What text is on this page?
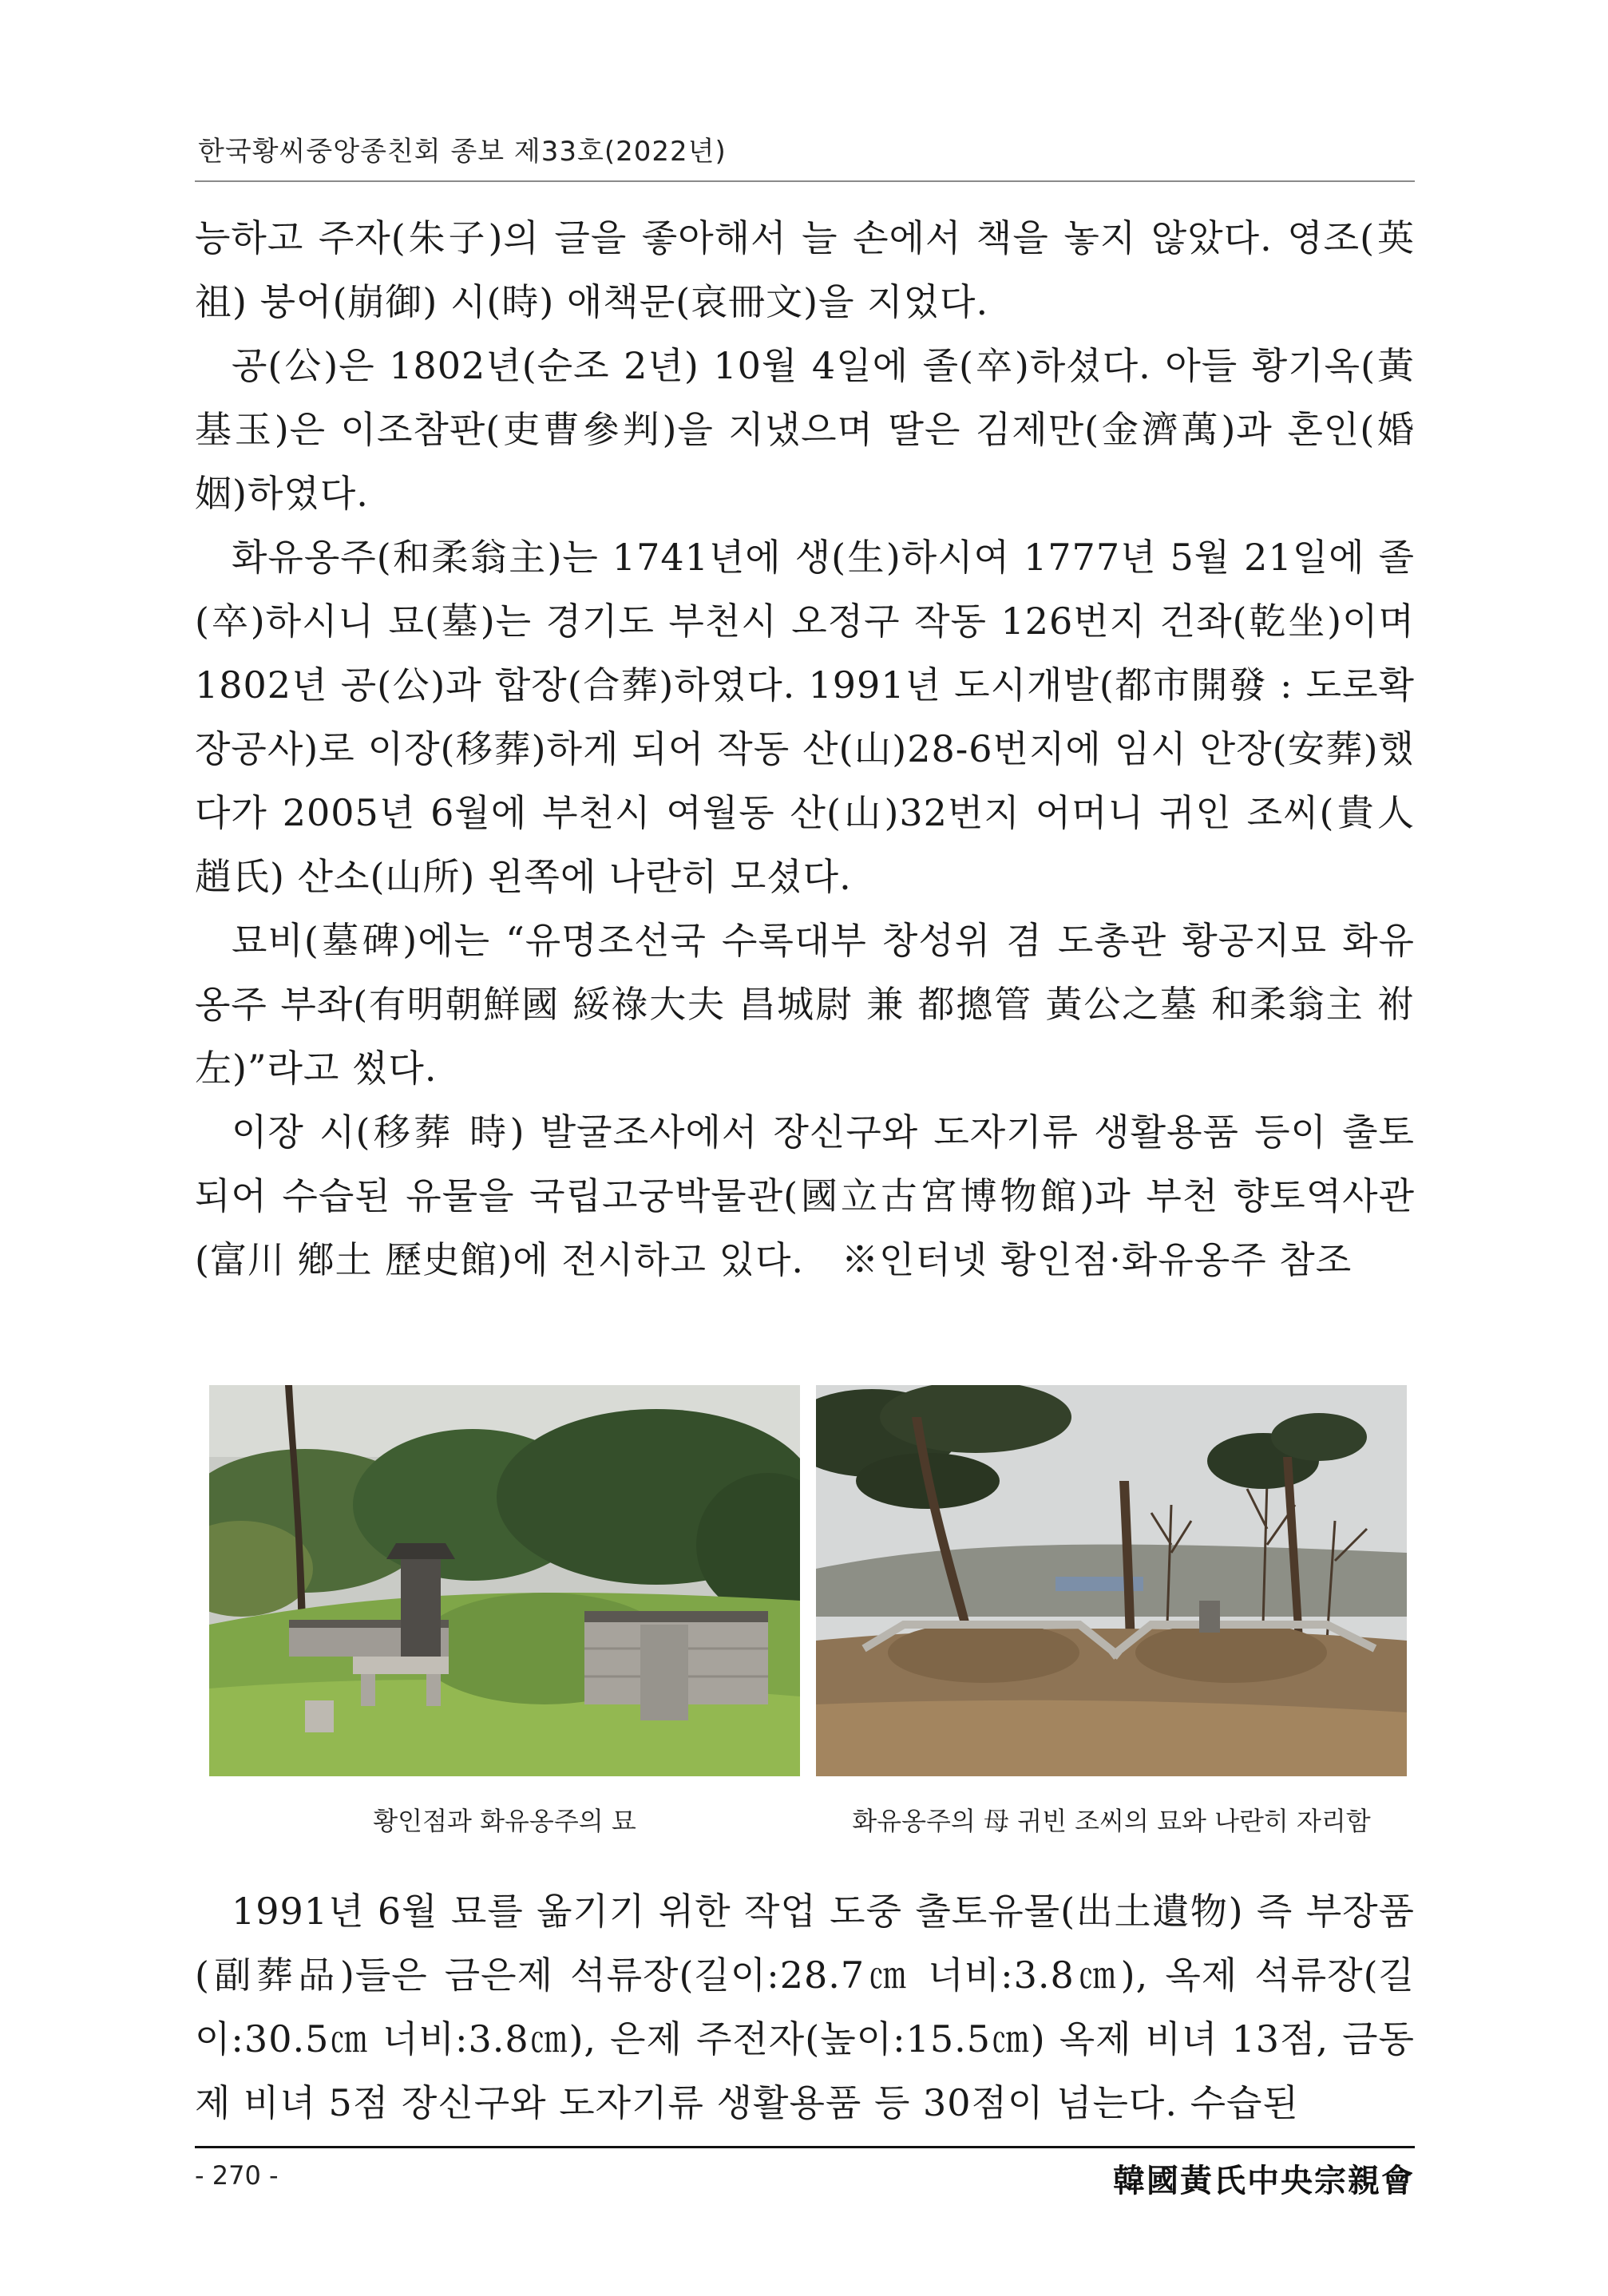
한국황씨중앙종친회 종보 제33호(2022년)

능하고 주자(朱子)의 글을 좋아해서 늘 손에서 책을 놓지 않았다. 영조(英祖) 붕어(崩御) 시(時) 애책문(哀冊文)을 지었다.

공(公)은 1802년(순조 2년) 10월 4일에 졸(卒)하셨다. 아들 황기옥(黃基玉)은 이조참판(吏曹參判)을 지냈으며 딸은 김제만(金濟萬)과 혼인(婚姻)하였다.

화유옹주(和柔翁主)는 1741년에 생(生)하시여 1777년 5월 21일에 졸(卒)하시니 묘(墓)는 경기도 부천시 오정구 작동 126번지 건좌(乾坐)이며 1802년 공(公)과 합장(合葬)하였다. 1991년 도시개발(都市開發 : 도로확장공사)로 이장(移葬)하게 되어 작동 산(山)28-6번지에 임시 안장(安葬)했다가 2005년 6월에 부천시 여월동 산(山)32번지 어머니 귀인 조씨(貴人 趙氏) 산소(山所) 왼쪽에 나란히 모셨다.

묘비(墓碑)에는 “유명조선국 수록대부 창성위 겸 도총관 황공지묘 화유옹주 부좌(有明朝鮮國 綏祿大夫 昌城尉 兼 都摠管 黃公之墓 和柔翁主 祔左)”라고 썼다.

이장 시(移葬 時) 발굴조사에서 장신구와 도자기류 생활용품 등이 출토되어 수습된 유물을 국립고궁박물관(國立古宮博物館)과 부천 향토역사관(富川 鄕土 歷史館)에 전시하고 있다.　※인터넷 황인점·화유옹주 참조

황인점과 화유옹주의 묘	화유옹주의 母 귀빈 조씨의 묘와 나란히 자리함

1991년 6월 묘를 옮기기 위한 작업 도중 출토유물(出土遺物) 즉 부장품(副葬品)들은 금은제 석류장(길이:28.7㎝ 너비:3.8㎝), 옥제 석류장(길이:30.5㎝ 너비:3.8㎝), 은제 주전자(높이:15.5㎝) 옥제 비녀 13점, 금동제 비녀 5점 장신구와 도자기류 생활용품 등 30점이 넘는다. 수습된

- 270 -	韓國黃氏中央宗親會
